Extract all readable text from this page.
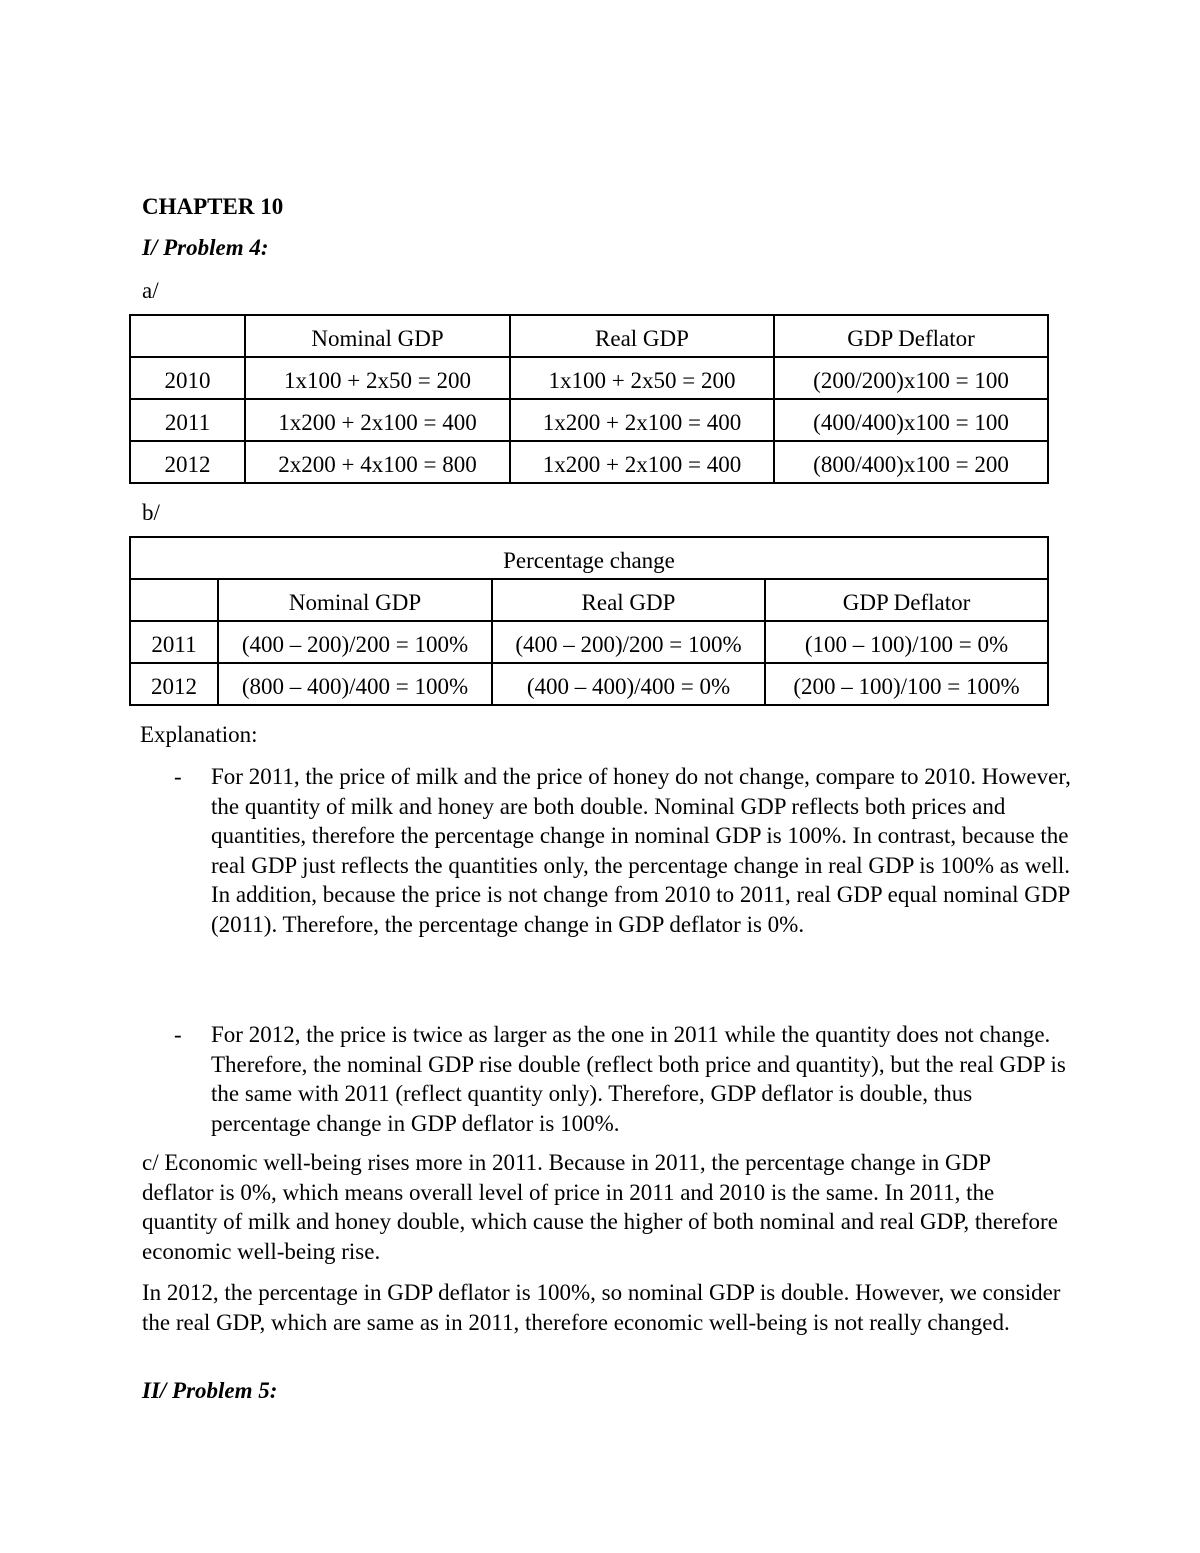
CHAPTER 10
I/ Problem 4:
a/
	Nominal GDP	Real GDP	GDP Deflator
2010	1x100 + 2x50 = 200	1x100 + 2x50 = 200	(200/200)x100 = 100
2011	1x200 + 2x100 = 400	1x200 + 2x100 = 400	(400/400)x100 = 100
2012	2x200 + 4x100 = 800	1x200 + 2x100 = 400	(800/400)x100 = 200
b/
Percentage change			
	Nominal GDP	Real GDP	GDP Deflator
2011	(400 – 200)/200 = 100%	(400 – 200)/200 = 100%	(100 – 100)/100 = 0%
2012	(800 – 400)/400 = 100%	(400 – 400)/400 = 0%	(200 – 100)/100 = 100%
Explanation:
-	For 2011, the price of milk and the price of honey do not change, compare to 2010. However, the quantity of milk and honey are both double. Nominal GDP reflects both prices and quantities, therefore the percentage change in nominal GDP is 100%. In contrast, because the real GDP just reflects the quantities only, the percentage change in real GDP is 100% as well. In addition, because the price is not change from 2010 to 2011, real GDP equal nominal GDP (2011). Therefore, the percentage change in GDP deflator is 0%.
-	For 2012, the price is twice as larger as the one in 2011 while the quantity does not change. Therefore, the nominal GDP rise double (reflect both price and quantity), but the real GDP is the same with 2011 (reflect quantity only). Therefore, GDP deflator is double, thus percentage change in GDP deflator is 100%.
c/ Economic well-being rises more in 2011. Because in 2011, the percentage change in GDP deflator is 0%, which means overall level of price in 2011 and 2010 is the same. In 2011, the quantity of milk and honey double, which cause the higher of both nominal and real GDP, therefore economic well-being rise.
In 2012, the percentage in GDP deflator is 100%, so nominal GDP is double. However, we consider the real GDP, which are same as in 2011, therefore economic well-being is not really changed.
II/ Problem 5:
